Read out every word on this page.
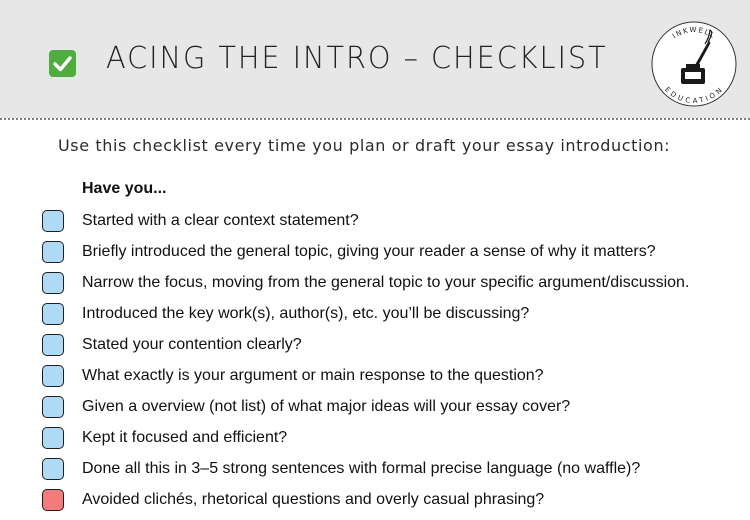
ACING THE INTRO – CHECKLIST
INKWELL
EDUCATION
Use this checklist every time you plan or draft your essay introduction:
Have you...
Started with a clear context statement?
Briefly introduced the general topic, giving your reader a sense of why it matters?
Narrow the focus, moving from the general topic to your specific argument/discussion.
Introduced the key work(s), author(s), etc. you’ll be discussing?
Stated your contention clearly?
What exactly is your argument or main response to the question?
Given a overview (not list) of what major ideas will your essay cover?
Kept it focused and efficient?
Done all this in 3–5 strong sentences with formal precise language (no waffle)?
Avoided clichés, rhetorical questions and overly casual phrasing?
